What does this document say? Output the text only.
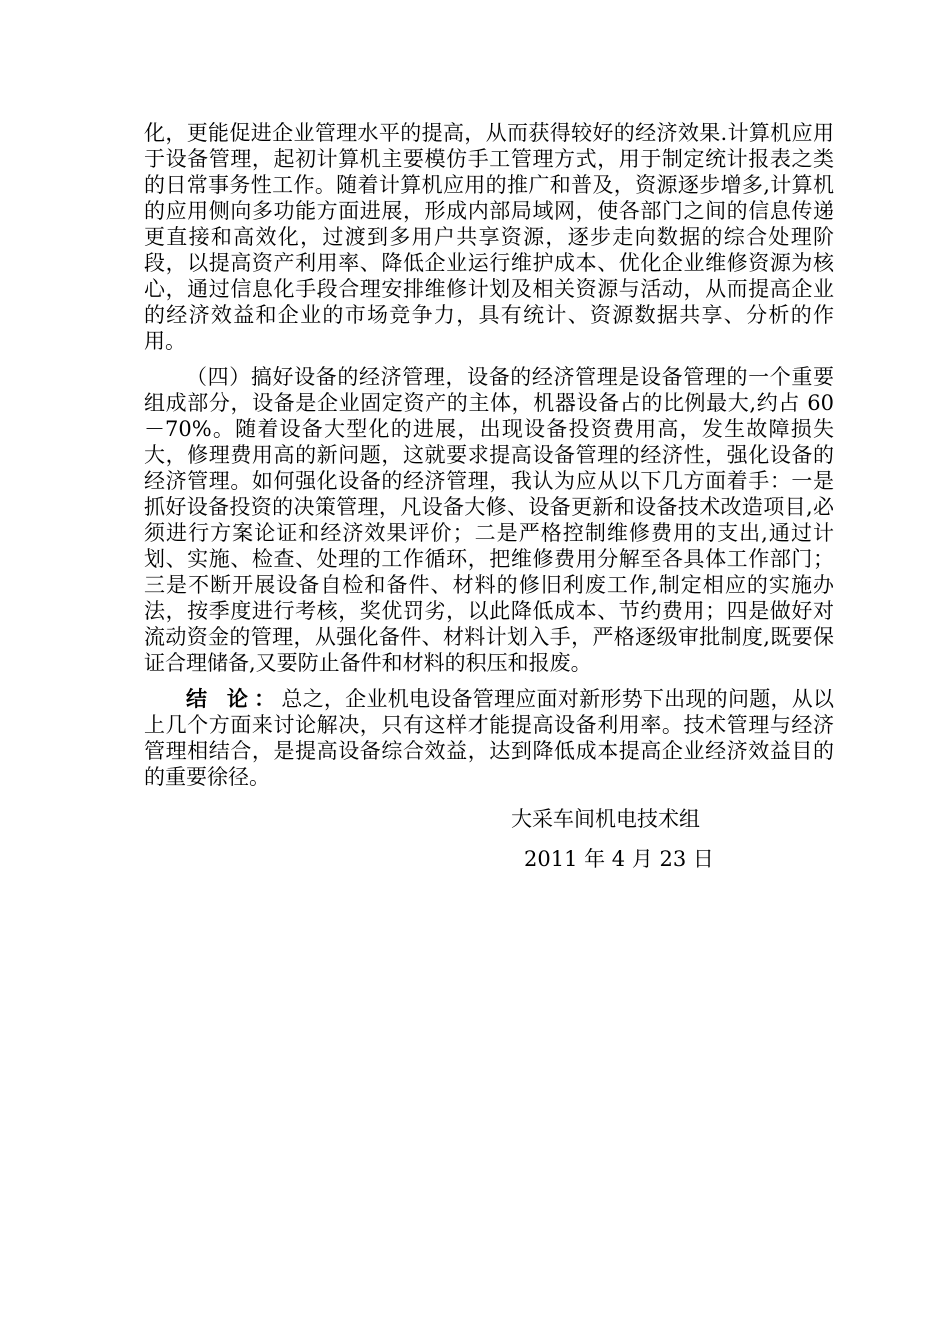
化，更能促进企业管理水平的提高，从而获得较好的经济效果.计算机应用于设备管理，起初计算机主要模仿手工管理方式，用于制定统计报表之类的日常事务性工作。随着计算机应用的推广和普及，资源逐步增多,计算机的应用侧向多功能方面进展，形成内部局域网，使各部门之间的信息传递更直接和高效化，过渡到多用户共享资源，逐步走向数据的综合处理阶段，以提高资产利用率、降低企业运行维护成本、优化企业维修资源为核心，通过信息化手段合理安排维修计划及相关资源与活动，从而提高企业的经济效益和企业的市场竞争力，具有统计、资源数据共享、分析的作用。

（四）搞好设备的经济管理，设备的经济管理是设备管理的一个重要组成部分，设备是企业固定资产的主体，机器设备占的比例最大,约占 60－70%。随着设备大型化的进展，出现设备投资费用高，发生故障损失大，修理费用高的新问题，这就要求提高设备管理的经济性，强化设备的经济管理。如何强化设备的经济管理，我认为应从以下几方面着手：一是抓好设备投资的决策管理，凡设备大修、设备更新和设备技术改造项目,必须进行方案论证和经济效果评价；二是严格控制维修费用的支出,通过计划、实施、检查、处理的工作循环，把维修费用分解至各具体工作部门；三是不断开展设备自检和备件、材料的修旧利废工作,制定相应的实施办法，按季度进行考核，奖优罚劣，以此降低成本、节约费用；四是做好对流动资金的管理，从强化备件、材料计划入手，严格逐级审批制度,既要保证合理储备,又要防止备件和材料的积压和报废。

结 论：总之，企业机电设备管理应面对新形势下出现的问题，从以上几个方面来讨论解决，只有这样才能提高设备利用率。技术管理与经济管理相结合，是提高设备综合效益，达到降低成本提高企业经济效益目的的重要徐径。

大采车间机电技术组
2011 年 4 月 23 日
